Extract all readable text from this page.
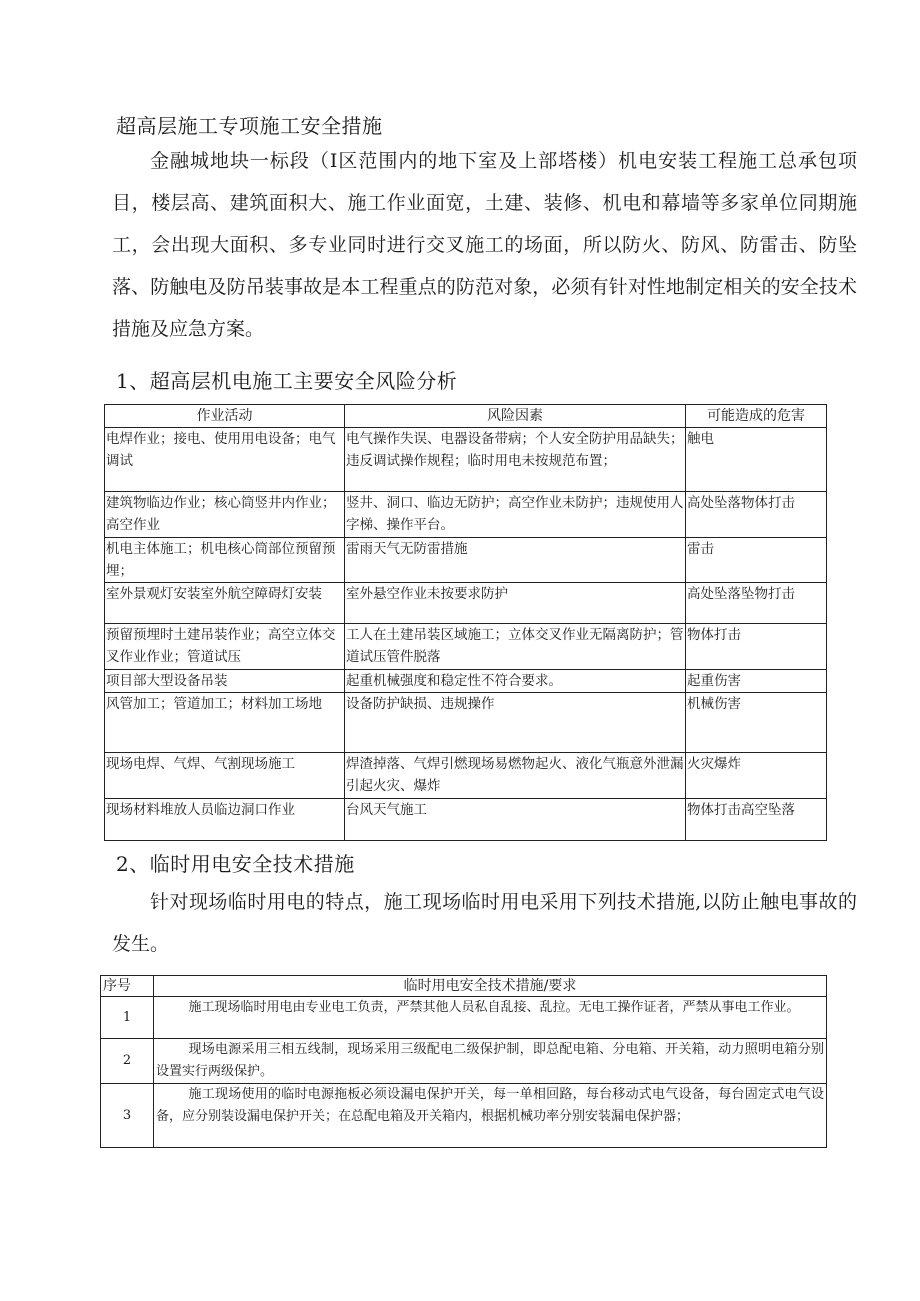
超高层施工专项施工安全措施

金融城地块一标段（Ⅰ区范围内的地下室及上部塔楼）机电安装工程施工总承包项目，楼层高、建筑面积大、施工作业面宽，土建、装修、机电和幕墙等多家单位同期施工，会出现大面积、多专业同时进行交叉施工的场面，所以防火、防风、防雷击、防坠落、防触电及防吊装事故是本工程重点的防范对象，必须有针对性地制定相关的安全技术措施及应急方案。

1、超高层机电施工主要安全风险分析
作业活动	风险因素	可能造成的危害
电焊作业；接电、使用用电设备；电气调试	电气操作失误、电器设备带病；个人安全防护用品缺失；违反调试操作规程；临时用电未按规范布置；	触电
建筑物临边作业；核心筒竖井内作业；高空作业	竖井、洞口、临边无防护；高空作业未防护；违规使用人字梯、操作平台。	高处坠落物体打击
机电主体施工；机电核心筒部位预留预埋；	雷雨天气无防雷措施	雷击
室外景观灯安装室外航空障碍灯安装	室外悬空作业未按要求防护	高处坠落坠物打击
预留预埋时土建吊装作业；高空立体交叉作业作业；管道试压	工人在土建吊装区域施工；立体交叉作业无隔离防护；管道试压管件脱落	物体打击
项目部大型设备吊装	起重机械强度和稳定性不符合要求。	起重伤害
风管加工；管道加工；材料加工场地	设备防护缺损、违规操作	机械伤害
现场电焊、气焊、气割现场施工	焊渣掉落、气焊引燃现场易燃物起火、液化气瓶意外泄漏引起火灾、爆炸	火灾爆炸
现场材料堆放人员临边洞口作业	台风天气施工	物体打击高空坠落
2、临时用电安全技术措施

针对现场临时用电的特点，施工现场临时用电采用下列技术措施,以防止触电事故的发生。

序号	临时用电安全技术措施/要求
1	施工现场临时用电由专业电工负责，严禁其他人员私自乱接、乱拉。无电工操作证者，严禁从事电工作业。
2	现场电源采用三相五线制，现场采用三级配电二级保护制，即总配电箱、分电箱、开关箱，动力照明电箱分别设置实行两级保护。
3	施工现场使用的临时电源拖板必须设漏电保护开关，每一单相回路，每台移动式电气设备，每台固定式电气设备，应分别装设漏电保护开关；在总配电箱及开关箱内，根据机械功率分别安装漏电保护器；
